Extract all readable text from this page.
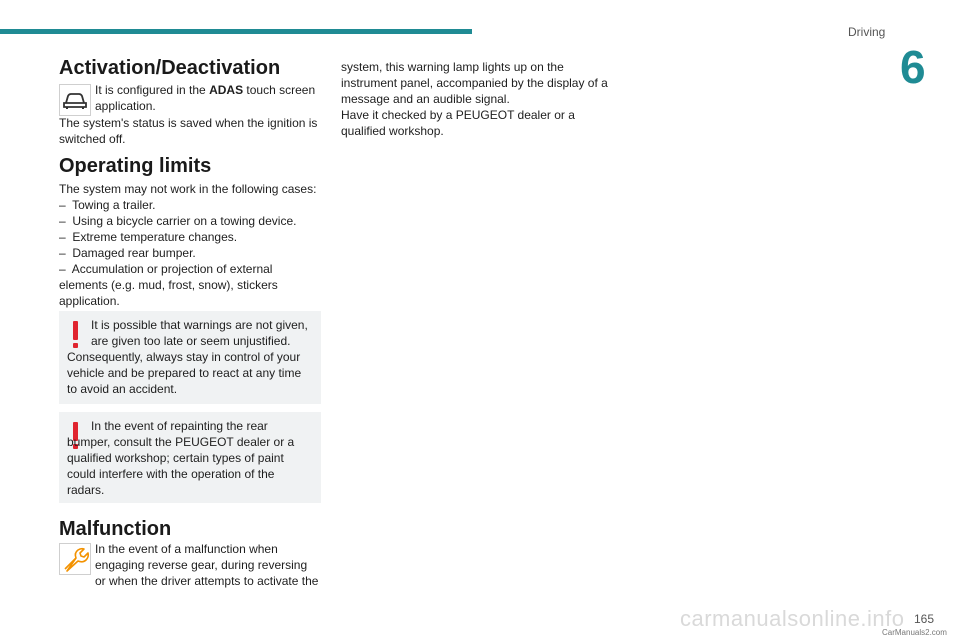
Driving
6
Activation/Deactivation

It is configured in the ADAS touch screen application.

The system's status is saved when the ignition is switched off.

Operating limits

The system may not work in the following cases:

–  Towing a trailer.
–  Using a bicycle carrier on a towing device.
–  Extreme temperature changes.
–  Damaged rear bumper.
–  Accumulation or projection of external elements (e.g. mud, frost, snow), stickers application.
It is possible that warnings are not given, are given too late or seem unjustified.
Consequently, always stay in control of your vehicle and be prepared to react at any time to avoid an accident.
In the event of repainting the rear bumper, consult the PEUGEOT dealer or a qualified workshop; certain types of paint could interfere with the operation of the radars.
Malfunction

In the event of a malfunction when engaging reverse gear, during reversing or when the driver attempts to activate the

system, this warning lamp lights up on the instrument panel, accompanied by the display of a message and an audible signal.

Have it checked by a PEUGEOT dealer or a qualified workshop.

carmanualsonline.info 165
CarManuals2.com
